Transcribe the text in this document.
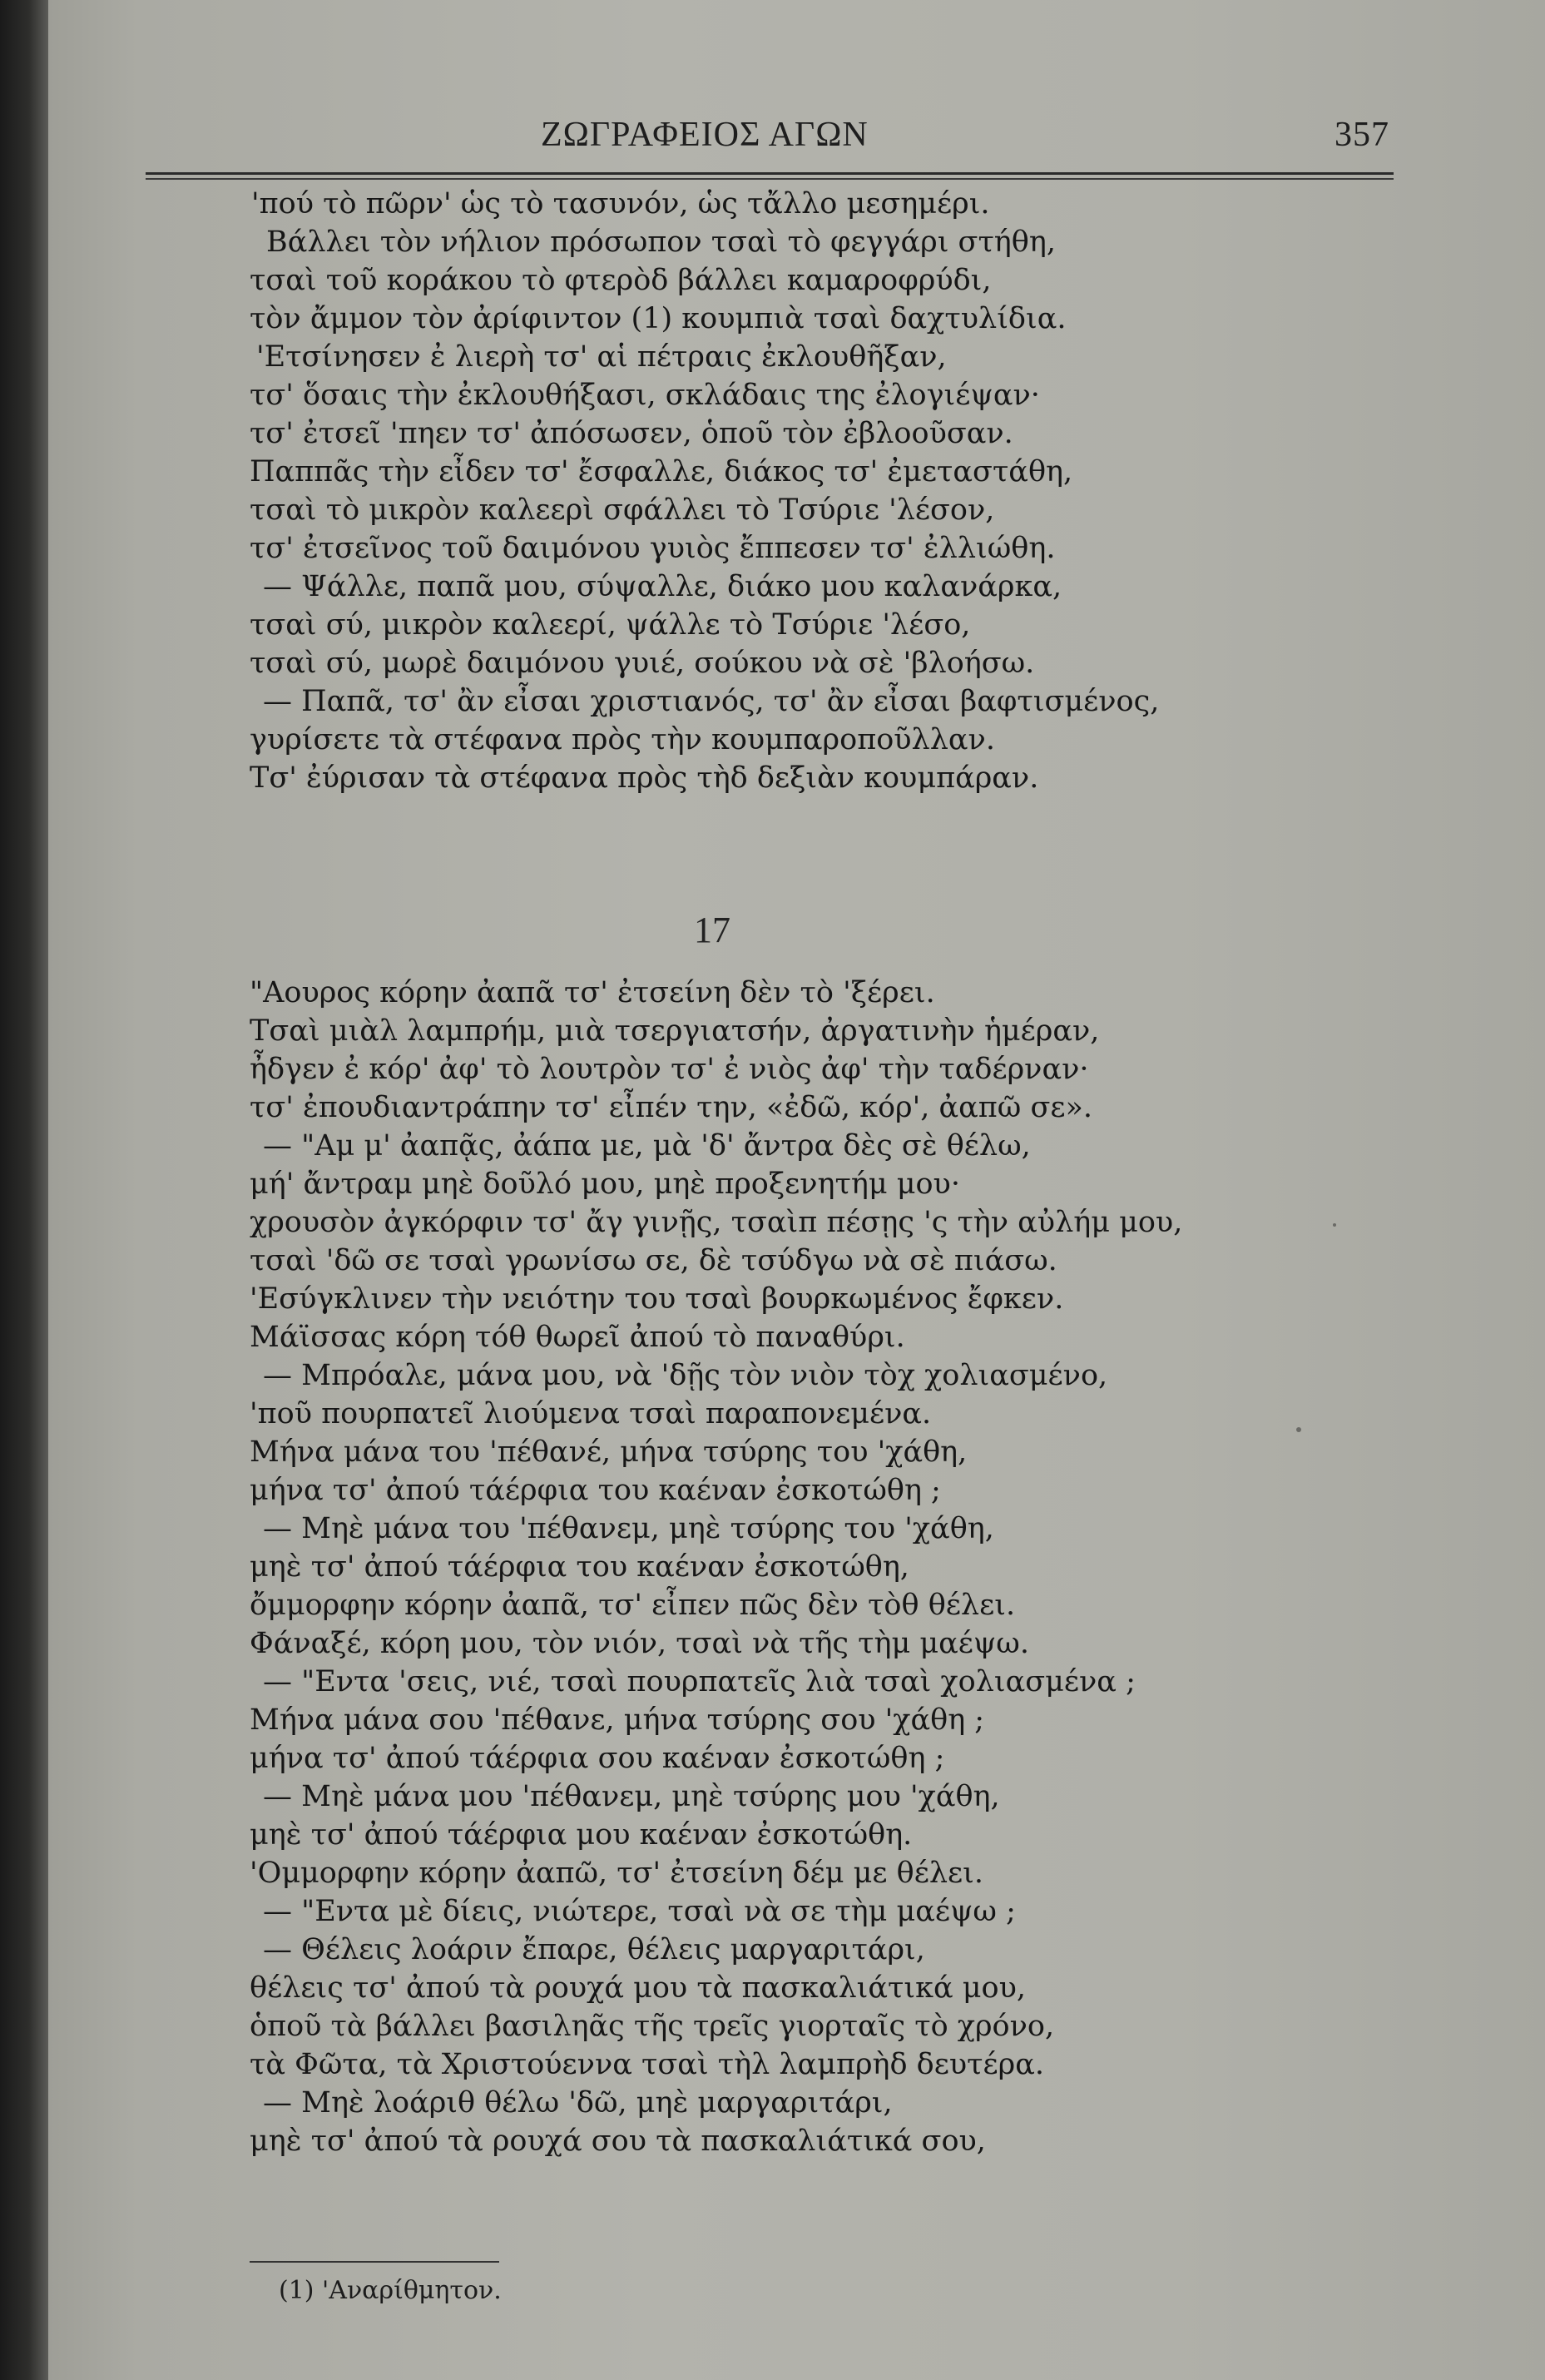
ΖΩΓΡΑΦΕΙΟΣ ΑΓΩΝ	357
'πού τὸ πῶρν' ὡς τὸ τασυνόν, ὡς τἄλλο μεσημέρι.
Βάλλει τὸν νήλιον πρόσωπον τσαὶ τὸ φεγγάρι στήθη,
τσαὶ τοῦ κοράκου τὸ φτερὸδ βάλλει καμαροφρύδι,
τὸν ἄμμον τὸν ἀρίφιντον (1) κουμπιὰ τσαὶ δαχτυλίδια.
'Ετσίνησεν ἐ λιερὴ τσ' αἱ πέτραις ἐκλουθῆξαν,
τσ' ὅσαις τὴν ἐκλουθήξασι, σκλάδαις της ἐλογιέψαν·
τσ' ἐτσεῖ 'πηεν τσ' ἀπόσωσεν, ὁποῦ τὸν ἐβλοοῦσαν.
Παππᾶς τὴν εἶδεν τσ' ἔσφαλλε, διάκος τσ' ἐμεταστάθη,
τσαὶ τὸ μικρὸν καλεερὶ σφάλλει τὸ Τσύριε 'λέσον,
τσ' ἐτσεῖνος τοῦ δαιμόνου γυιὸς ἔππεσεν τσ' ἐλλιώθη.
— Ψάλλε, παπᾶ μου, σύψαλλε, διάκο μου καλανάρκα,
τσαὶ σύ, μικρὸν καλεερί, ψάλλε τὸ Τσύριε 'λέσο,
τσαὶ σύ, μωρὲ δαιμόνου γυιέ, σούκου νὰ σὲ 'βλοήσω.
— Παπᾶ, τσ' ἂν εἶσαι χριστιανός, τσ' ἂν εἶσαι βαφτισμένος,
γυρίσετε τὰ στέφανα πρὸς τὴν κουμπαροποῦλλαν.
Τσ' ἐύρισαν τὰ στέφανα πρὸς τὴδ δεξιὰν κουμπάραν.
17
"Αουρος κόρην ἀαπᾶ τσ' ἐτσείνη δὲν τὸ 'ξέρει.
Τσαὶ μιὰλ λαμπρήμ, μιὰ τσεργιατσήν, ἀργατινὴν ἡμέραν,
ἦδγεν ἐ κόρ' ἀφ' τὸ λουτρὸν τσ' ἐ νιὸς ἀφ' τὴν ταδέρναν·
τσ' ἐπουδιαντράπην τσ' εἶπέν την, «ἐδῶ, κόρ', ἀαπῶ σε».
— "Αμ μ' ἀαπᾷς, ἀάπα με, μὰ 'δ' ἄντρα δὲς σὲ θέλω,
μή' ἄντραμ μηὲ δοῦλό μου, μηὲ προξενητήμ μου·
χρουσὸν ἀγκόρφιν τσ' ἄγ γινῇς, τσαὶπ πέσῃς 'ς τὴν αὐλήμ μου,
τσαὶ 'δῶ σε τσαὶ γρωνίσω σε, δὲ τσύδγω νὰ σὲ πιάσω.
'Εσύγκλινεν τὴν νειότην του τσαὶ βουρκωμένος ἔφκεν.
Μάϊσσας κόρη τόθ θωρεῖ ἀπού τὸ παναθύρι.
— Μπρόαλε, μάνα μου, νὰ 'δῇς τὸν νιὸν τὸχ χολιασμένο,
'ποῦ πουρπατεῖ λιούμενα τσαὶ παραπονεμένα.
Μήνα μάνα του 'πέθανέ, μήνα τσύρης του 'χάθη,
μήνα τσ' ἀπού τάέρφια του καέναν ἐσκοτώθη ;
— Μηὲ μάνα του 'πέθανεμ, μηὲ τσύρης του 'χάθη,
μηὲ τσ' ἀπού τάέρφια του καέναν ἐσκοτώθη,
ὄμμορφην κόρην ἀαπᾶ, τσ' εἶπεν πῶς δὲν τὸθ θέλει.
Φάναξέ, κόρη μου, τὸν νιόν, τσαὶ νὰ τῆς τὴμ μαέψω.
— "Εντα 'σεις, νιέ, τσαὶ πουρπατεῖς λιὰ τσαὶ χολιασμένα ;
Μήνα μάνα σου 'πέθανε, μήνα τσύρης σου 'χάθη ;
μήνα τσ' ἀπού τάέρφια σου καέναν ἐσκοτώθη ;
— Μηὲ μάνα μου 'πέθανεμ, μηὲ τσύρης μου 'χάθη,
μηὲ τσ' ἀπού τάέρφια μου καέναν ἐσκοτώθη.
'Ομμορφην κόρην ἀαπῶ, τσ' ἐτσείνη δέμ με θέλει.
— "Εντα μὲ δίεις, νιώτερε, τσαὶ νὰ σε τὴμ μαέψω ;
— Θέλεις λοάριν ἔπαρε, θέλεις μαργαριτάρι,
θέλεις τσ' ἀπού τὰ ρουχά μου τὰ πασκαλιάτικά μου,
ὁποῦ τὰ βάλλει βασιληᾶς τῆς τρεῖς γιορταῖς τὸ χρόνο,
τὰ Φῶτα, τὰ Χριστούεννα τσαὶ τὴλ λαμπρὴδ δευτέρα.
— Μηὲ λοάριθ θέλω 'δῶ, μηὲ μαργαριτάρι,
μηὲ τσ' ἀπού τὰ ρουχά σου τὰ πασκαλιάτικά σου,
(1) 'Αναρίθμητον.
